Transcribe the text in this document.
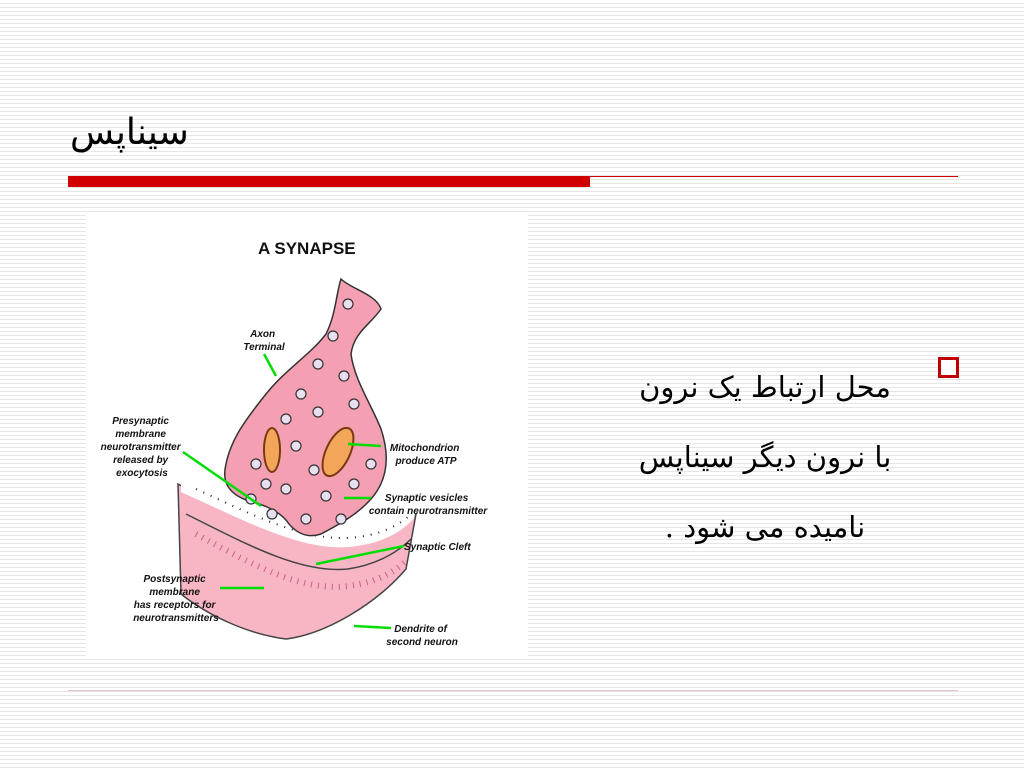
سیناپس
A SYNAPSE
Axon Terminal
Presynaptic membrane neurotransmitter released by exocytosis
Mitochondrion produce ATP
Synaptic vesicles contain neurotransmitter
Synaptic Cleft
Postsynaptic membrane has receptors for neurotransmitters
Dendrite of second neuron
محل ارتباط یک نرون
با نرون دیگر سیناپس
نامیده می شود .
